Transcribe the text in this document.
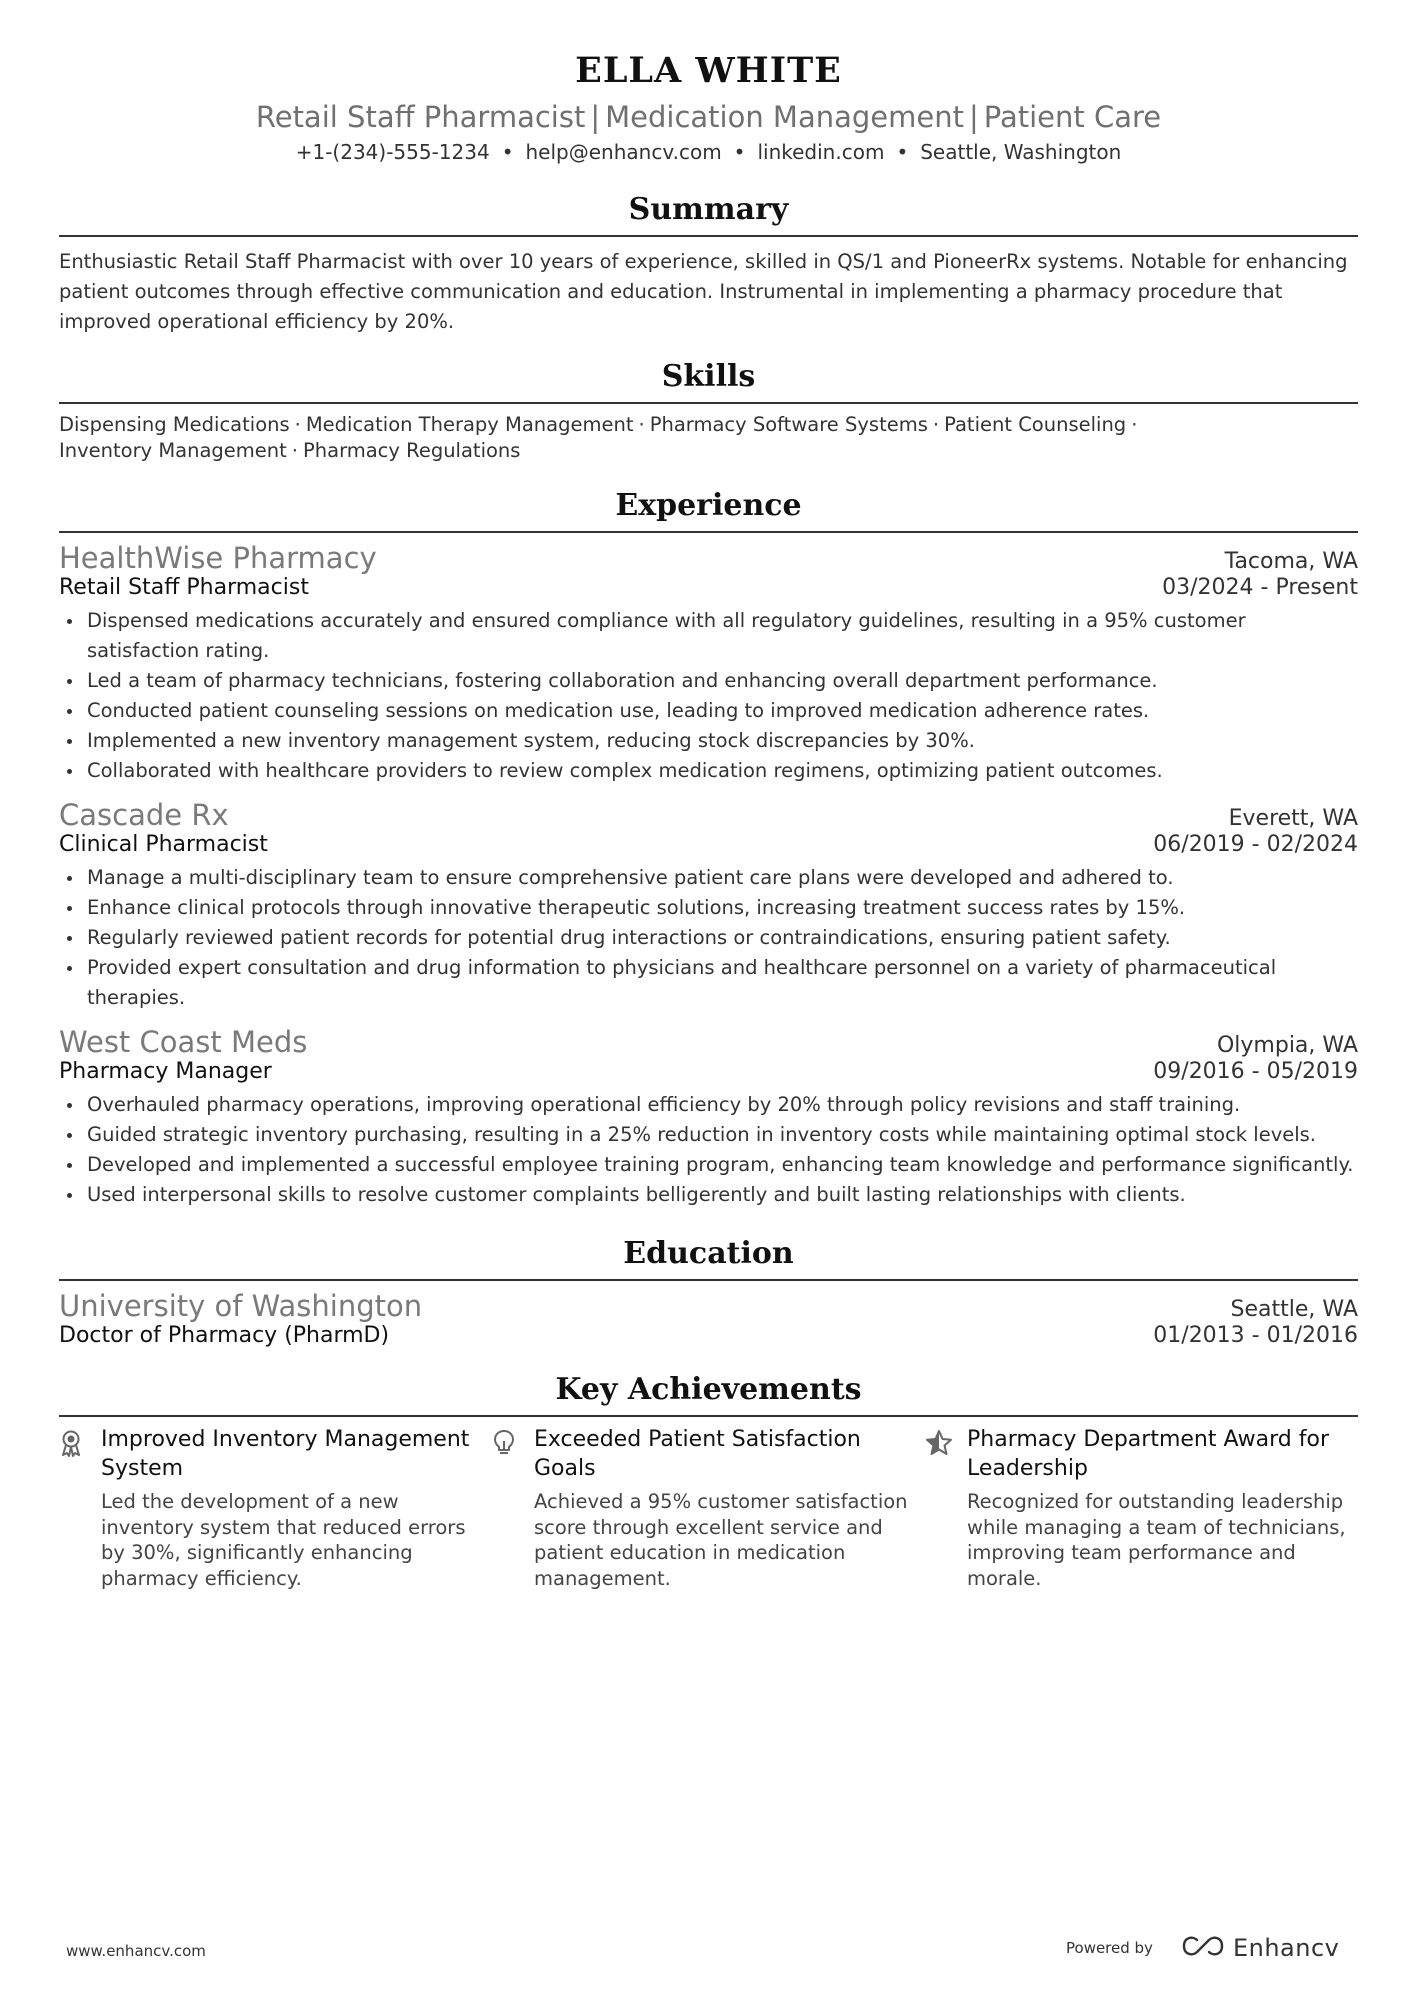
ELLA WHITE
Retail Staff Pharmacist | Medication Management | Patient Care
+1-(234)-555-1234 • help@enhancv.com • linkedin.com • Seattle, Washington
Summary
Enthusiastic Retail Staff Pharmacist with over 10 years of experience, skilled in QS/1 and PioneerRx systems. Notable for enhancing patient outcomes through effective communication and education. Instrumental in implementing a pharmacy procedure that improved operational efficiency by 20%.
Skills
Dispensing Medications · Medication Therapy Management · Pharmacy Software Systems · Patient Counseling ·
Inventory Management · Pharmacy Regulations
Experience
HealthWise Pharmacy	Tacoma, WA
Retail Staff Pharmacist	03/2024 - Present
Dispensed medications accurately and ensured compliance with all regulatory guidelines, resulting in a 95% customer satisfaction rating.
Led a team of pharmacy technicians, fostering collaboration and enhancing overall department performance.
Conducted patient counseling sessions on medication use, leading to improved medication adherence rates.
Implemented a new inventory management system, reducing stock discrepancies by 30%.
Collaborated with healthcare providers to review complex medication regimens, optimizing patient outcomes.
Cascade Rx	Everett, WA
Clinical Pharmacist	06/2019 - 02/2024
Manage a multi-disciplinary team to ensure comprehensive patient care plans were developed and adhered to.
Enhance clinical protocols through innovative therapeutic solutions, increasing treatment success rates by 15%.
Regularly reviewed patient records for potential drug interactions or contraindications, ensuring patient safety.
Provided expert consultation and drug information to physicians and healthcare personnel on a variety of pharmaceutical therapies.
West Coast Meds	Olympia, WA
Pharmacy Manager	09/2016 - 05/2019
Overhauled pharmacy operations, improving operational efficiency by 20% through policy revisions and staff training.
Guided strategic inventory purchasing, resulting in a 25% reduction in inventory costs while maintaining optimal stock levels.
Developed and implemented a successful employee training program, enhancing team knowledge and performance significantly.
Used interpersonal skills to resolve customer complaints belligerently and built lasting relationships with clients.
Education
University of Washington	Seattle, WA
Doctor of Pharmacy (PharmD)	01/2013 - 01/2016
Key Achievements
Improved Inventory Management System
Led the development of a new inventory system that reduced errors by 30%, significantly enhancing pharmacy efficiency.
Exceeded Patient Satisfaction Goals
Achieved a 95% customer satisfaction score through excellent service and patient education in medication management.
Pharmacy Department Award for Leadership
Recognized for outstanding leadership while managing a team of technicians, improving team performance and morale.
www.enhancv.com	Powered by	Enhancv
